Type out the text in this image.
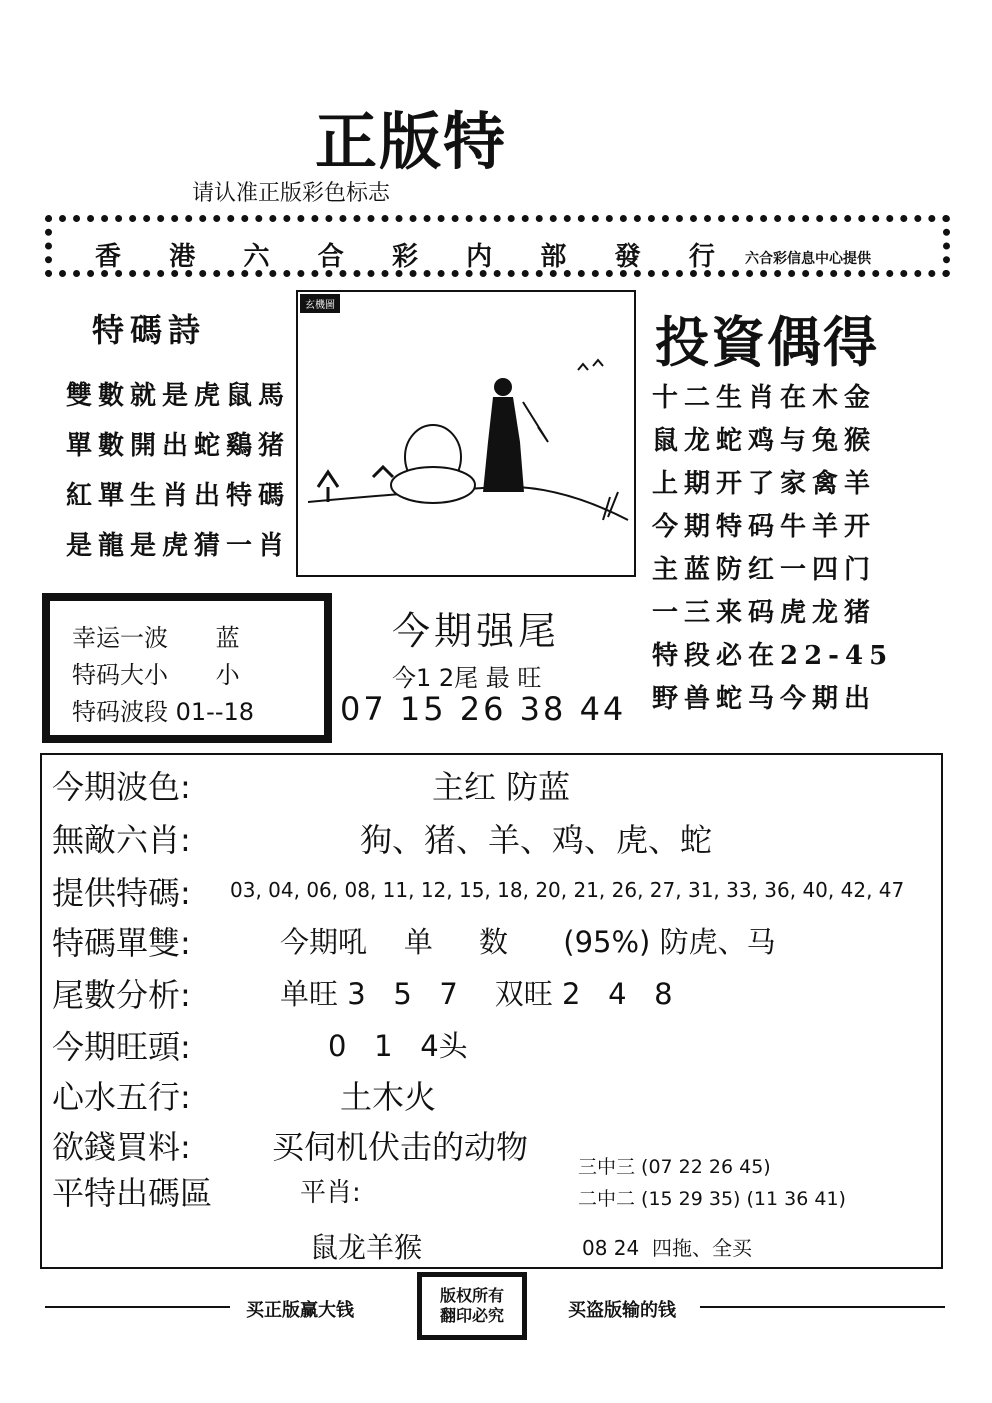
正版特
请认准正版彩色标志
香 港 六 合 彩 内 部 發 行 六合彩信息中心提供
特碼詩
雙數就是虎鼠馬
單數開出蛇鷄猪
紅單生肖出特碼
是龍是虎猜一肖
玄機圖
投資偶得
十二生肖在木金
鼠龙蛇鸡与兔猴
上期开了家禽羊
今期特码牛羊开
主蓝防红一四门
一三来码虎龙猪
特段必在22-45
野兽蛇马今期出
幸运一波 蓝
特码大小 小
特码波段 01--18
今期强尾
今1 2尾 最 旺
07 15 26 38 44
今期波色:	主红 防蓝
無敵六肖:	狗、猪、羊、鸡、虎、蛇
提供特碼: 03, 04, 06, 08, 11, 12, 15, 18, 20, 21, 26, 27, 31, 33, 36, 40, 42, 47
特碼單雙:	今期吼    单     数      (95%) 防虎、马
尾數分析:	单旺 3   5   7    双旺 2   4   8
今期旺頭:	0   1   4头
心水五行:	土木火
欲錢買料:	买伺机伏击的动物
平特出碼區	平肖:
三中三 (07 22 26 45)
二中二 (15 29 35) (11 36 41)
鼠龙羊猴	08 24  四拖、全买
买正版赢大钱
版权所有
翻印必究	买盗版输的钱
